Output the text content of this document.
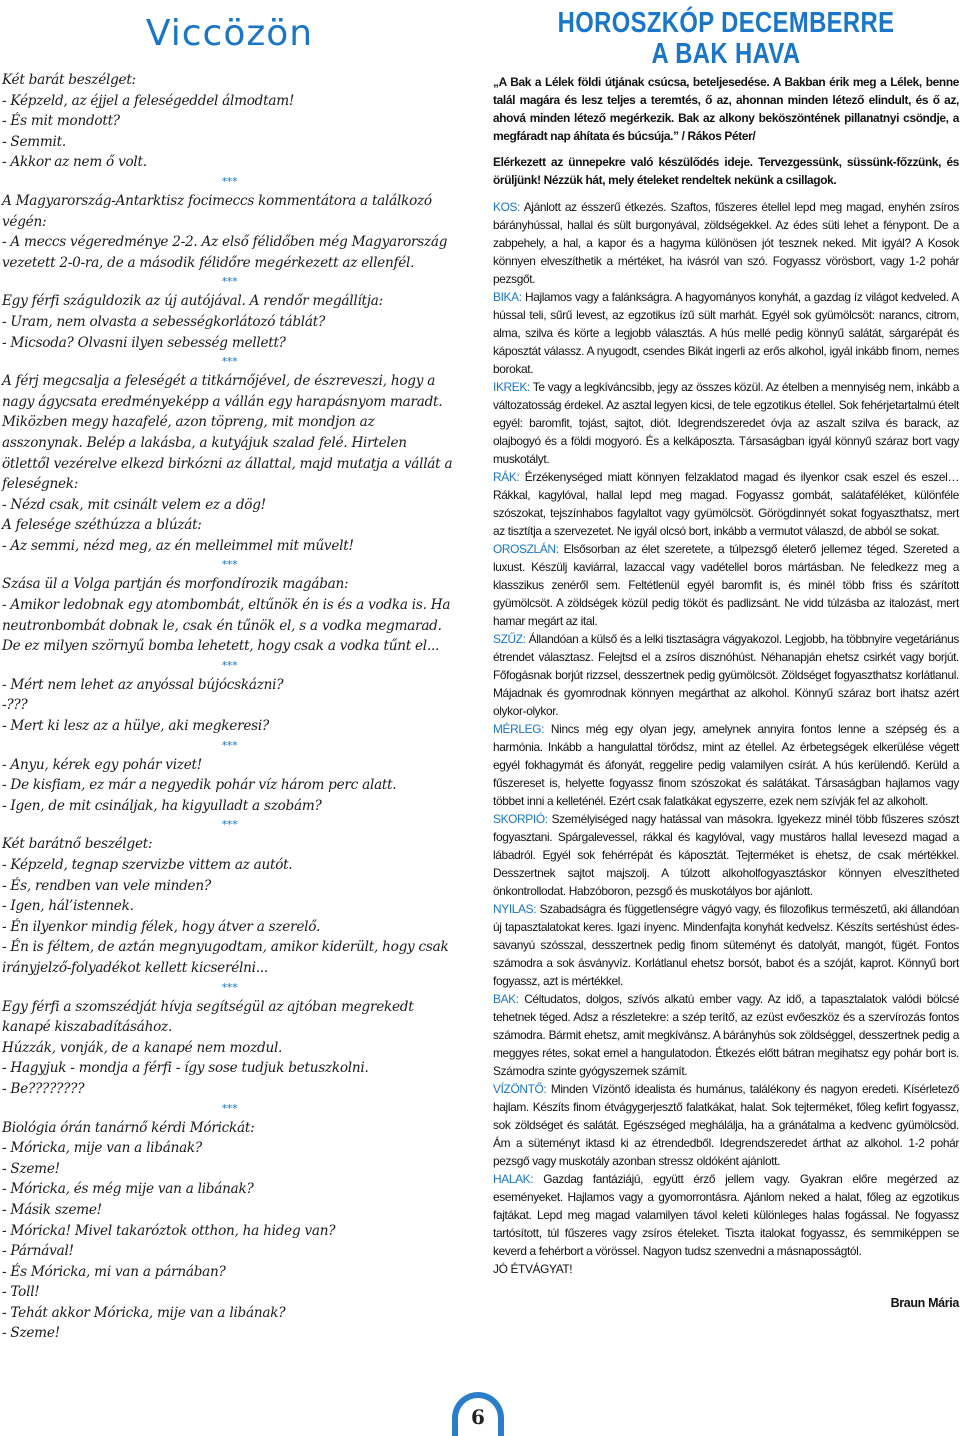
Viccözön
Két barát beszélget:
- Képzeld, az éjjel a feleségeddel álmodtam!
- És mit mondott?
- Semmit.
- Akkor az nem ő volt.
***
A Magyarország-Antarktisz focimeccs kommentátora a találkozó végén:
- A meccs végeredménye 2-2. Az első félidőben még Magyarország vezetett 2-0-ra, de a második félidőre megérkezett az ellenfél.
***
Egy férfi száguldozik az új autójával. A rendőr megállítja:
- Uram, nem olvasta a sebességkorlátozó táblát?
- Micsoda? Olvasni ilyen sebesség mellett?
***
A férj megcsalja a feleségét a titkárnőjével, de észreveszi, hogy a nagy ágycsata eredményeképp a vállán egy harapásnyom maradt. Miközben megy hazafelé, azon töpreng, mit mondjon az asszonynak. Belép a lakásba, a kutyájuk szalad felé. Hirtelen ötlettől vezérelve elkezd birkózni az állattal, majd mutatja a vállát a feleségnek:
- Nézd csak, mit csinált velem ez a dög!
A felesége széthúzza a blúzát:
- Az semmi, nézd meg, az én melleimmel mit művelt!
***
Szása ül a Volga partján és morfondírozik magában:
- Amikor ledobnak egy atombombát, eltűnök én is és a vodka is. Ha neutronbombát dobnak le, csak én tűnök el, s a vodka megmarad. De ez milyen szörnyű bomba lehetett, hogy csak a vodka tűnt el...
***
- Mért nem lehet az anyóssal bújócskázni?
-???
- Mert ki lesz az a hülye, aki megkeresi?
***
- Anyu, kérek egy pohár vizet!
- De kisfiam, ez már a negyedik pohár víz három perc alatt.
- Igen, de mit csináljak, ha kigyulladt a szobám?
***
Két barátnő beszélget:
- Képzeld, tegnap szervizbe vittem az autót.
- És, rendben van vele minden?
- Igen, hál’istennek.
- Én ilyenkor mindig félek, hogy átver a szerelő.
- Én is féltem, de aztán megnyugodtam, amikor kiderült, hogy csak irányjelző-folyadékot kellett kicserélni...
***
Egy férfi a szomszédját hívja segítségül az ajtóban megrekedt kanapé kiszabadításához.
Húzzák, vonják, de a kanapé nem mozdul.
- Hagyjuk - mondja a férfi - így sose tudjuk betuszkolni.
- Be????????
***
Biológia órán tanárnő kérdi Mórickát:
- Móricka, mije van a libának?
- Szeme!
- Móricka, és még mije van a libának?
- Másik szeme!
- Móricka! Mivel takaróztok otthon, ha hideg van?
- Párnával!
- És Móricka, mi van a párnában?
- Toll!
- Tehát akkor Móricka, mije van a libának?
- Szeme!
HOROSZKÓP DECEMBERRE
A BAK HAVA

„A Bak a Lélek földi útjának csúcsa, beteljesedése. A Bakban érik meg a Lélek, benne talál magára és lesz teljes a teremtés, ő az, ahonnan minden létező elindult, és ő az, ahová minden létező megérkezik. Bak az alkony beköszöntének pillanatnyi csöndje, a megfáradt nap áhítata és búcsúja.” / Rákos Péter/

Elérkezett az ünnepekre való készülődés ideje. Tervezgessünk, süssünk-főzzünk, és örüljünk! Nézzük hát, mely ételeket rendeltek nekünk a csillagok.

KOS: Ajánlott az ésszerű étkezés. Szaftos, fűszeres étellel lepd meg magad, enyhén zsíros bárányhússal, hallal és sült burgonyával, zöldségekkel. Az édes süti lehet a fénypont. De a zabpehely, a hal, a kapor és a hagyma különösen jót tesznek neked. Mit igyál? A Kosok könnyen elveszíthetik a mértéket, ha ivásról van szó. Fogyassz vörösbort, vagy 1-2 pohár pezsgőt.

BIKA: Hajlamos vagy a falánkságra. A hagyományos konyhát, a gazdag íz világot kedveled. A hússal teli, sűrű levest, az egzotikus ízű sült marhát. Egyél sok gyümölcsöt: narancs, citrom, alma, szilva és körte a legjobb választás. A hús mellé pedig könnyű salátát, sárgarépát és káposztát válassz. A nyugodt, csendes Bikát ingerli az erős alkohol, igyál inkább finom, nemes borokat.

IKREK: Te vagy a legkíváncsibb, jegy az összes közül. Az ételben a mennyiség nem, inkább a változatosság érdekel. Az asztal legyen kicsi, de tele egzotikus étellel. Sok fehérjetartalmú ételt egyél: baromfit, tojást, sajtot, diót. Idegrendszeredet óvja az aszalt szilva és barack, az olajbogyó és a földi mogyoró. És a kelkáposzta. Társaságban igyál könnyű száraz bort vagy muskotályt.

RÁK: Érzékenységed miatt könnyen felzaklatod magad és ilyenkor csak eszel és eszel… Rákkal, kagylóval, hallal lepd meg magad. Fogyassz gombát, salátaféléket, különféle szószokat, tejszínhabos fagylaltot vagy gyümölcsöt. Görögdinnyét sokat fogyaszthatsz, mert az tisztítja a szervezetet. Ne igyál olcsó bort, inkább a vermutot válaszd, de abból se sokat.

OROSZLÁN: Elsősorban az élet szeretete, a túlpezsgő életerő jellemez téged. Szereted a luxust. Készülj kaviárral, lazaccal vagy vadétellel boros mártásban. Ne feledkezz meg a klasszikus zenéről sem. Feltétlenül egyél baromfit is, és minél több friss és szárított gyümölcsöt. A zöldségek közül pedig tököt és padlizsánt. Ne vidd túlzásba az italozást, mert hamar megárt az ital.

SZŰZ: Állandóan a külső és a lelki tisztaságra vágyakozol. Legjobb, ha többnyire vegetáriánus étrendet választasz. Felejtsd el a zsíros disznóhúst. Néhanapján ehetsz csirkét vagy borjút. Főfogásnak borjút rizzsel, desszertnek pedig gyümölcsöt. Zöldséget fogyaszthatsz korlátlanul. Májadnak és gyomrodnak könnyen megárthat az alkohol. Könnyű száraz bort ihatsz azért olykor-olykor.

MÉRLEG: Nincs még egy olyan jegy, amelynek annyira fontos lenne a szépség és a harmónia. Inkább a hangulattal törődsz, mint az étellel. Az érbetegségek elkerülése végett egyél fokhagymát és áfonyát, reggelire pedig valamilyen csírát. A hús kerülendő. Kerüld a fűszereset is, helyette fogyassz finom szószokat és salátákat. Társaságban hajlamos vagy többet inni a kelleténél. Ezért csak falatkákat egyszerre, ezek nem szívják fel az alkoholt.

SKORPIÓ: Személyiséged nagy hatással van másokra. Igyekezz minél több fűszeres szószt fogyasztani. Spárgalevessel, rákkal és kagylóval, vagy mustáros hallal levesezd magad a lábadról. Egyél sok fehérrépát és káposztát. Tejterméket is ehetsz, de csak mértékkel. Desszertnek sajtot majszolj. A túlzott alkoholfogyasztáskor könnyen elveszítheted önkontrollodat. Habzóboron, pezsgő és muskotályos bor ajánlott.

NYILAS: Szabadságra és függetlenségre vágyó vagy, és filozofikus természetű, aki állandóan új tapasztalatokat keres. Igazi ínyenc. Mindenfajta konyhát kedvelsz. Készíts sertéshúst édes-savanyú szósszal, desszertnek pedig finom süteményt és datolyát, mangót, fügét. Fontos számodra a sok ásványvíz. Korlátlanul ehetsz borsót, babot és a szóját, kaprot. Könnyű bort fogyassz, azt is mértékkel.

BAK: Céltudatos, dolgos, szívós alkatú ember vagy. Az idő, a tapasztalatok valódi bölcsé tehetnek téged. Adsz a részletekre: a szép terítő, az ezüst evőeszköz és a szervírozás fontos számodra. Bármit ehetsz, amit megkívánsz. A bárányhús sok zöldséggel, desszertnek pedig a meggyes rétes, sokat emel a hangulatodon. Étkezés előtt bátran megihatsz egy pohár bort is. Számodra szinte gyógyszernek számít.

VÍZÖNTŐ: Minden Vízöntő idealista és humánus, találékony és nagyon eredeti. Kísérletező hajlam. Készíts finom étvágygerjesztő falatkákat, halat. Sok tejterméket, főleg kefirt fogyassz, sok zöldséget és salátát. Egészséged meghálálja, ha a gránátalma a kedvenc gyümölcsöd. Ám a süteményt iktasd ki az étrendedből. Idegrendszeredet árthat az alkohol. 1-2 pohár pezsgő vagy muskotály azonban stressz oldóként ajánlott.

HALAK: Gazdag fantáziájú, együtt érző jellem vagy. Gyakran előre megérzed az eseményeket. Hajlamos vagy a gyomorrontásra. Ajánlom neked a halat, főleg az egzotikus fajtákat. Lepd meg magad valamilyen távol keleti különleges halas fogással. Ne fogyassz tartósított, túl fűszeres vagy zsíros ételeket. Tiszta italokat fogyassz, és semmiképpen se keverd a fehérbort a vörössel. Nagyon tudsz szenvedni a másnaposságtól.

JÓ ÉTVÁGYAT!

Braun Mária
6
